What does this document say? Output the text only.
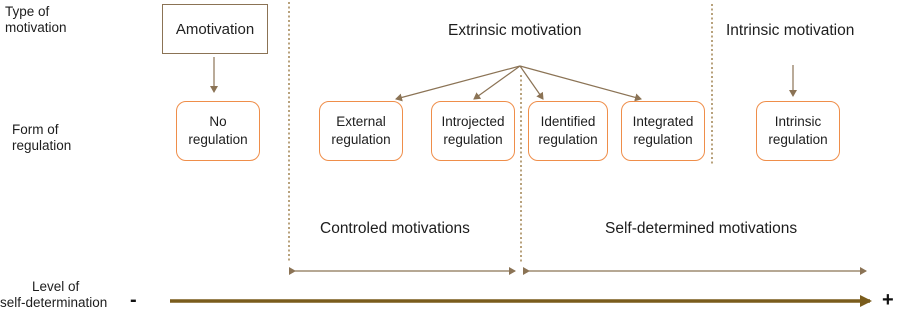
Type of
motivation
Form of
regulation
Level of
self-determination
Amotivation	Extrinsic motivation	Intrinsic motivation
No
regulation
External
regulation
Introjected
regulation
Identified
regulation
Integrated
regulation
Intrinsic
regulation
Controled motivations	Self-determined motivations
-	+
